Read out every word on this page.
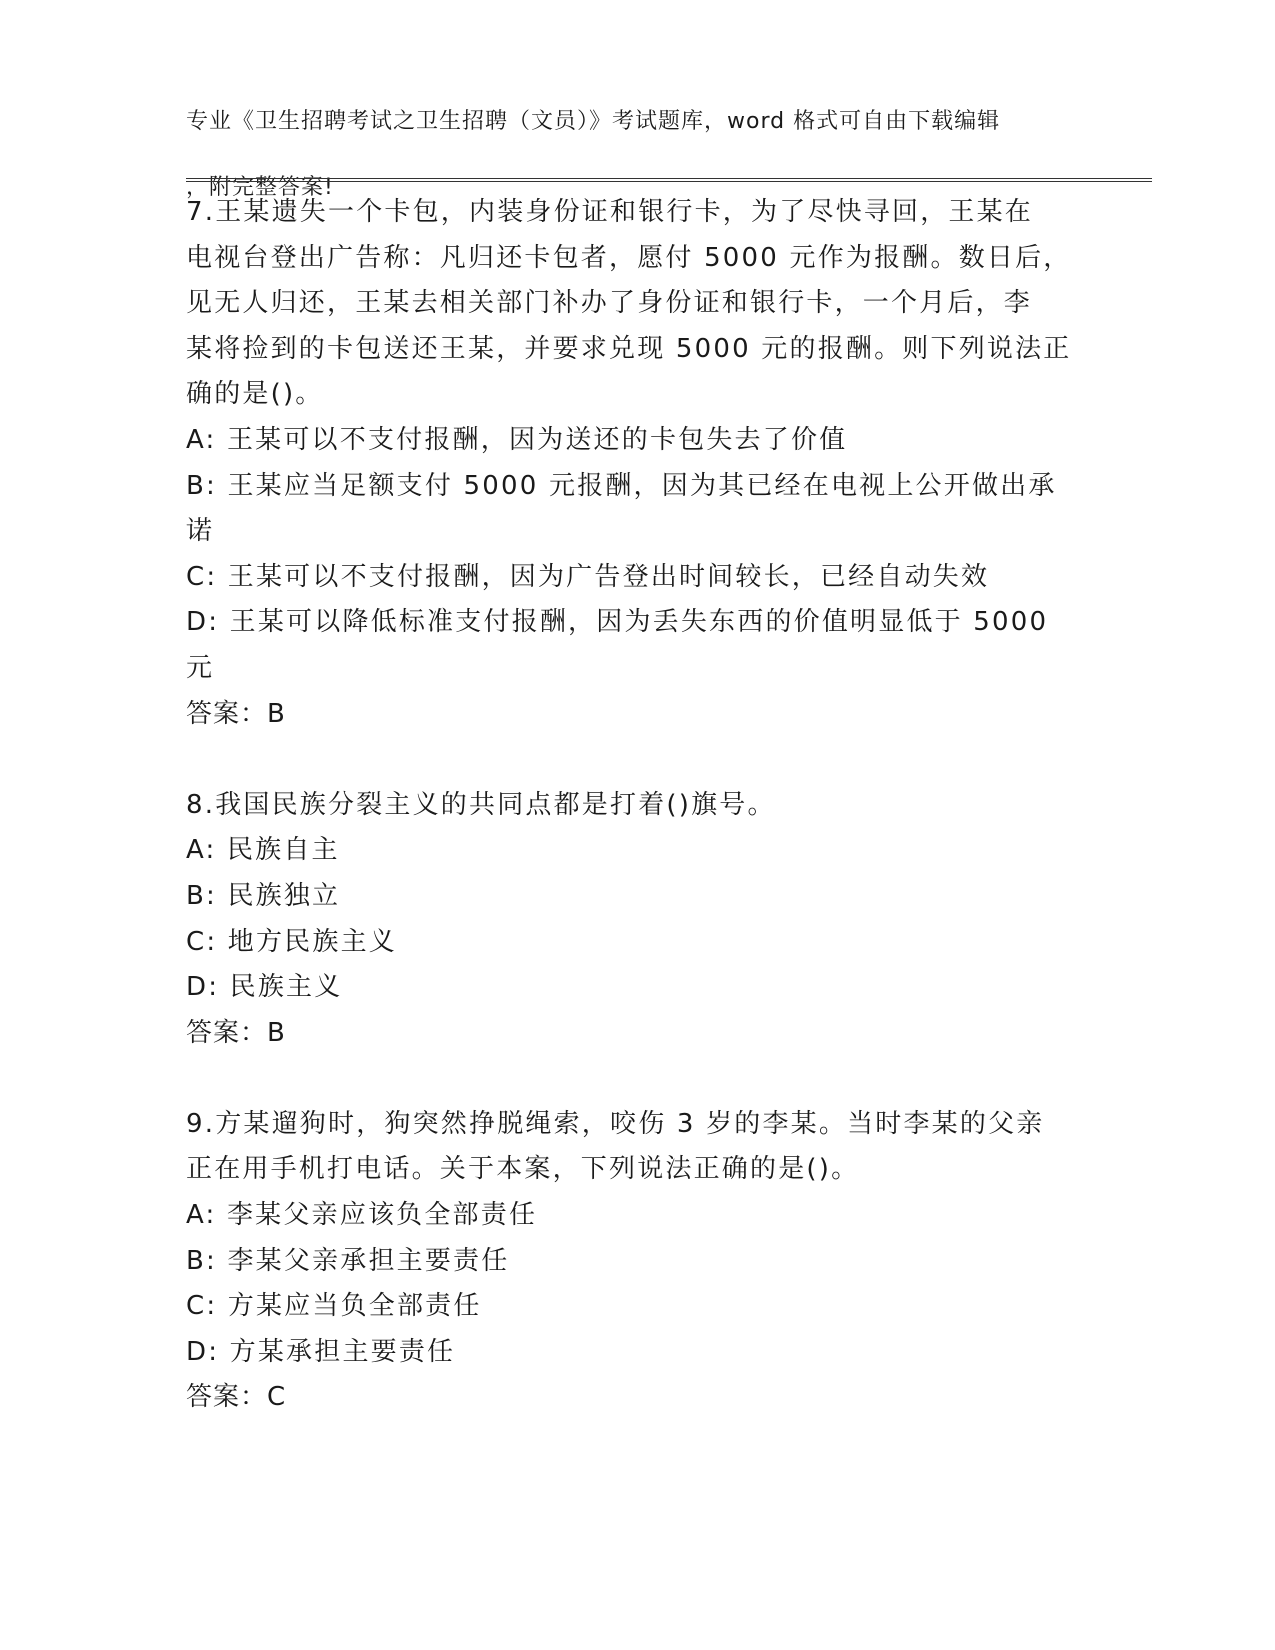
专业《卫生招聘考试之卫生招聘（文员）》考试题库，word 格式可自由下载编辑

，附完整答案!

7.王某遗失一个卡包，内装身份证和银行卡，为了尽快寻回，王某在

电视台登出广告称：凡归还卡包者，愿付 5000 元作为报酬。数日后，

见无人归还，王某去相关部门补办了身份证和银行卡，一个月后，李

某将捡到的卡包送还王某，并要求兑现 5000 元的报酬。则下列说法正

确的是()。

A: 王某可以不支付报酬，因为送还的卡包失去了价值

B: 王某应当足额支付 5000 元报酬，因为其已经在电视上公开做出承

诺

C: 王某可以不支付报酬，因为广告登出时间较长，已经自动失效

D: 王某可以降低标准支付报酬，因为丢失东西的价值明显低于 5000

元

答案：B

8.我国民族分裂主义的共同点都是打着()旗号。

A: 民族自主

B: 民族独立

C: 地方民族主义

D: 民族主义

答案：B

9.方某遛狗时，狗突然挣脱绳索，咬伤 3 岁的李某。当时李某的父亲

正在用手机打电话。关于本案，下列说法正确的是()。

A: 李某父亲应该负全部责任

B: 李某父亲承担主要责任

C: 方某应当负全部责任

D: 方某承担主要责任

答案：C
